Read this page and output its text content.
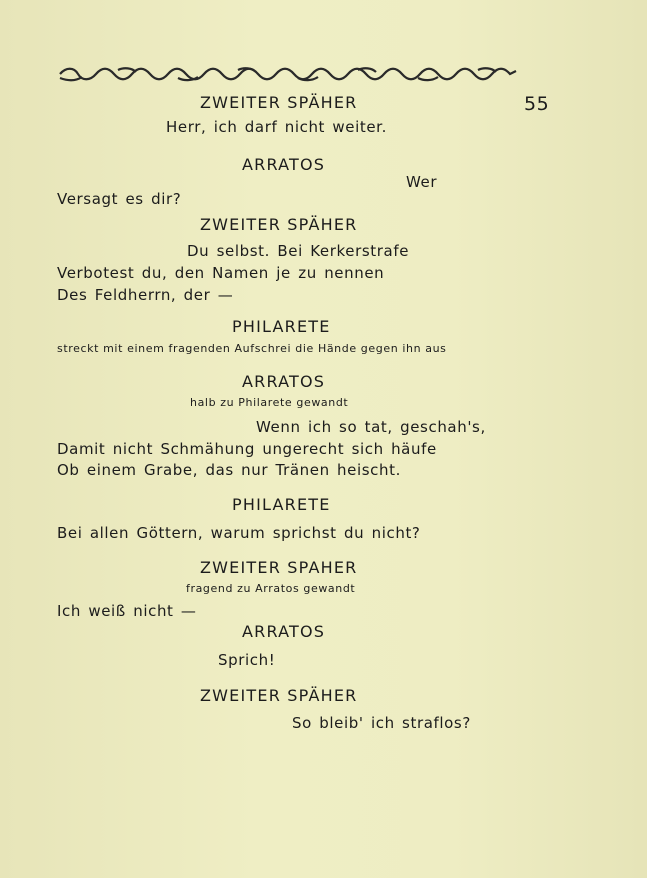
55
ZWEITER SPÄHER
Herr, ich darf nicht weiter.
ARRATOS
Wer
Versagt es dir?
ZWEITER SPÄHER
Du selbst. Bei Kerkerstrafe
Verbotest du, den Namen je zu nennen
Des Feldherrn, der —
PHILARETE
streckt mit einem fragenden Aufschrei die Hände gegen ihn aus
ARRATOS
halb zu Philarete gewandt
Wenn ich so tat, geschah's,
Damit nicht Schmähung ungerecht sich häufe
Ob einem Grabe, das nur Tränen heischt.
PHILARETE
Bei allen Göttern, warum sprichst du nicht?
ZWEITER SPAHER
fragend zu Arratos gewandt
Ich weiß nicht —
ARRATOS
Sprich!
ZWEITER SPÄHER
So bleib' ich straflos?
